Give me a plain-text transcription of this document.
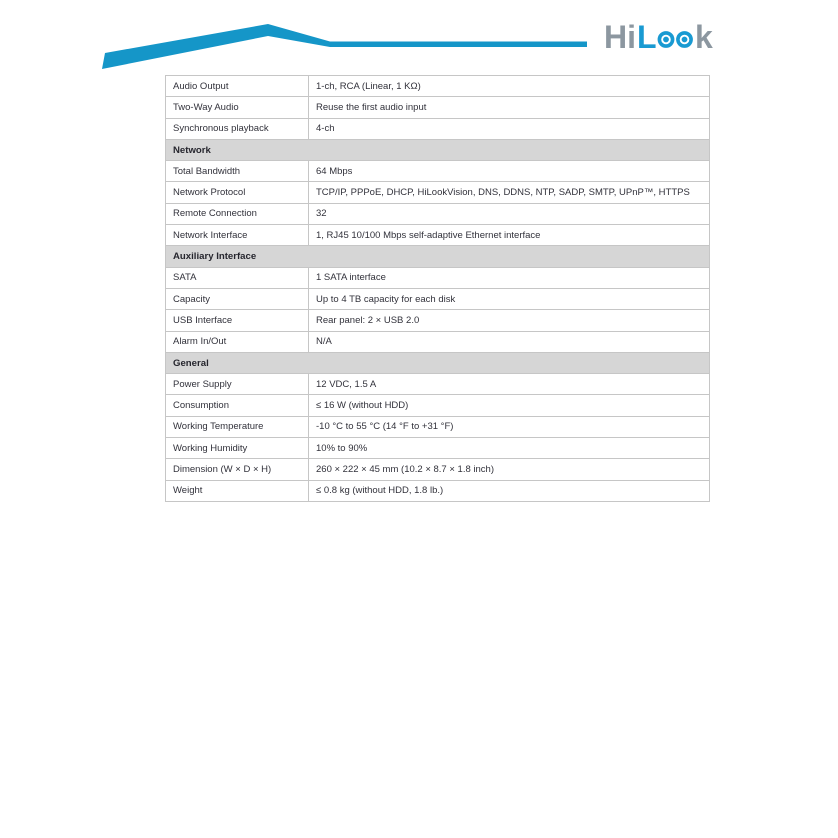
Hi L k
Audio Output	1-ch, RCA (Linear, 1 KΩ)
Two-Way Audio	Reuse the first audio input
Synchronous playback	4-ch
Network
Total Bandwidth	64 Mbps
Network Protocol	TCP/IP, PPPoE, DHCP, HiLookVision, DNS, DDNS, NTP, SADP, SMTP, UPnP™, HTTPS
Remote Connection	32
Network Interface	1, RJ45 10/100 Mbps self-adaptive Ethernet interface
Auxiliary Interface
SATA	1 SATA interface
Capacity	Up to 4 TB capacity for each disk
USB Interface	Rear panel: 2 × USB 2.0
Alarm In/Out	N/A
General
Power Supply	12 VDC, 1.5 A
Consumption	≤ 16 W (without HDD)
Working Temperature	-10 °C to 55 °C (14 °F to +31 °F)
Working Humidity	10% to 90%
Dimension (W × D × H)	260 × 222 × 45 mm (10.2 × 8.7 × 1.8 inch)
Weight	≤ 0.8 kg (without HDD, 1.8 lb.)
